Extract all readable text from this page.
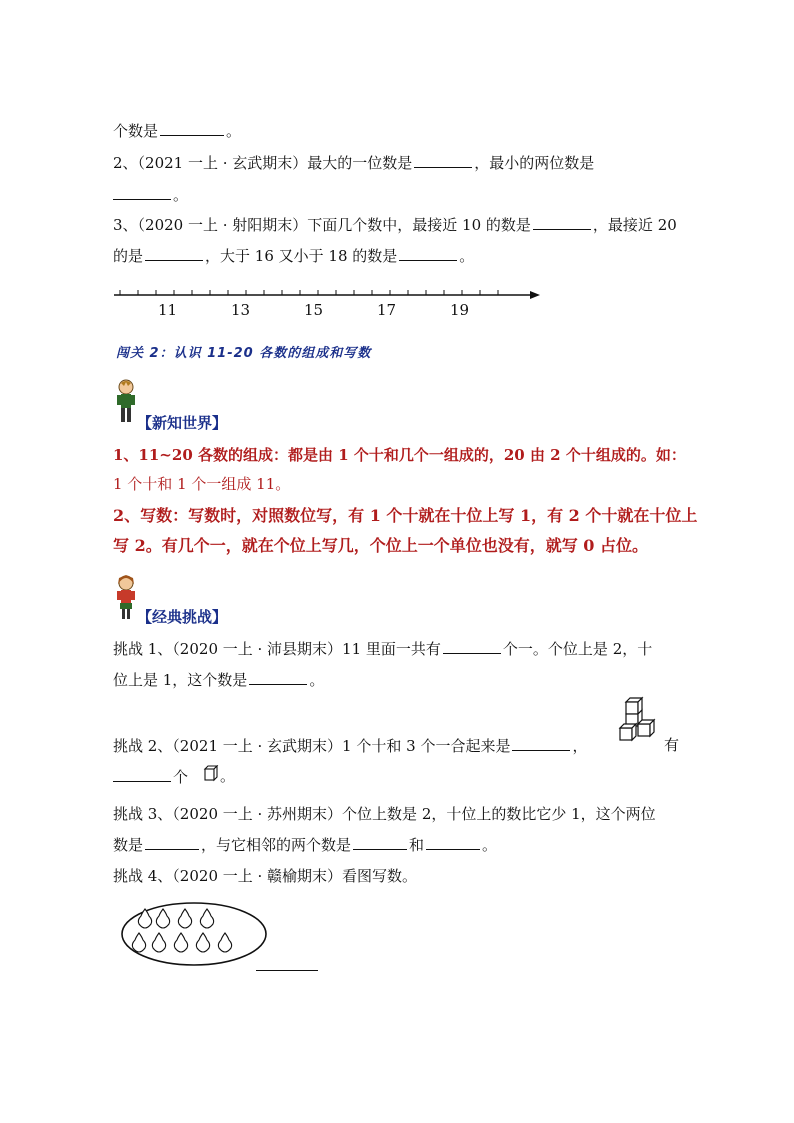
个数是	。
2、（2021 一上 · 玄武期末）最大的一位数是	，最小的两位数是
。
3、（2020 一上 · 射阳期末）下面几个数中，最接近 10 的数是	，最接近 20
的是	，大于 16 又小于 18 的数是	。
11	13	15	17	19
闯关 2：认识 11-20 各数的组成和写数
【新知世界】
1、11~20 各数的组成：都是由 1 个十和几个一组成的，20 由 2 个十组成的。如：
1 个十和 1 个一组成 11。
2、写数：写数时，对照数位写，有 1 个十就在十位上写 1，有 2 个十就在十位上
写 2。有几个一，就在个位上写几，个位上一个单位也没有，就写 0 占位。
【经典挑战】
挑战 1、（2020 一上 · 沛县期末）11 里面一共有	个一。个位上是 2，十
位上是 1，这个数是	。
挑战 2、（2021 一上 · 玄武期末）1 个十和 3 个一合起来是	，	有
个 。
挑战 3、（2020 一上 · 苏州期末）个位上数是 2，十位上的数比它少 1，这个两位
数是	，与它相邻的两个数是	和	。
挑战 4、（2020 一上 · 赣榆期末）看图写数。
